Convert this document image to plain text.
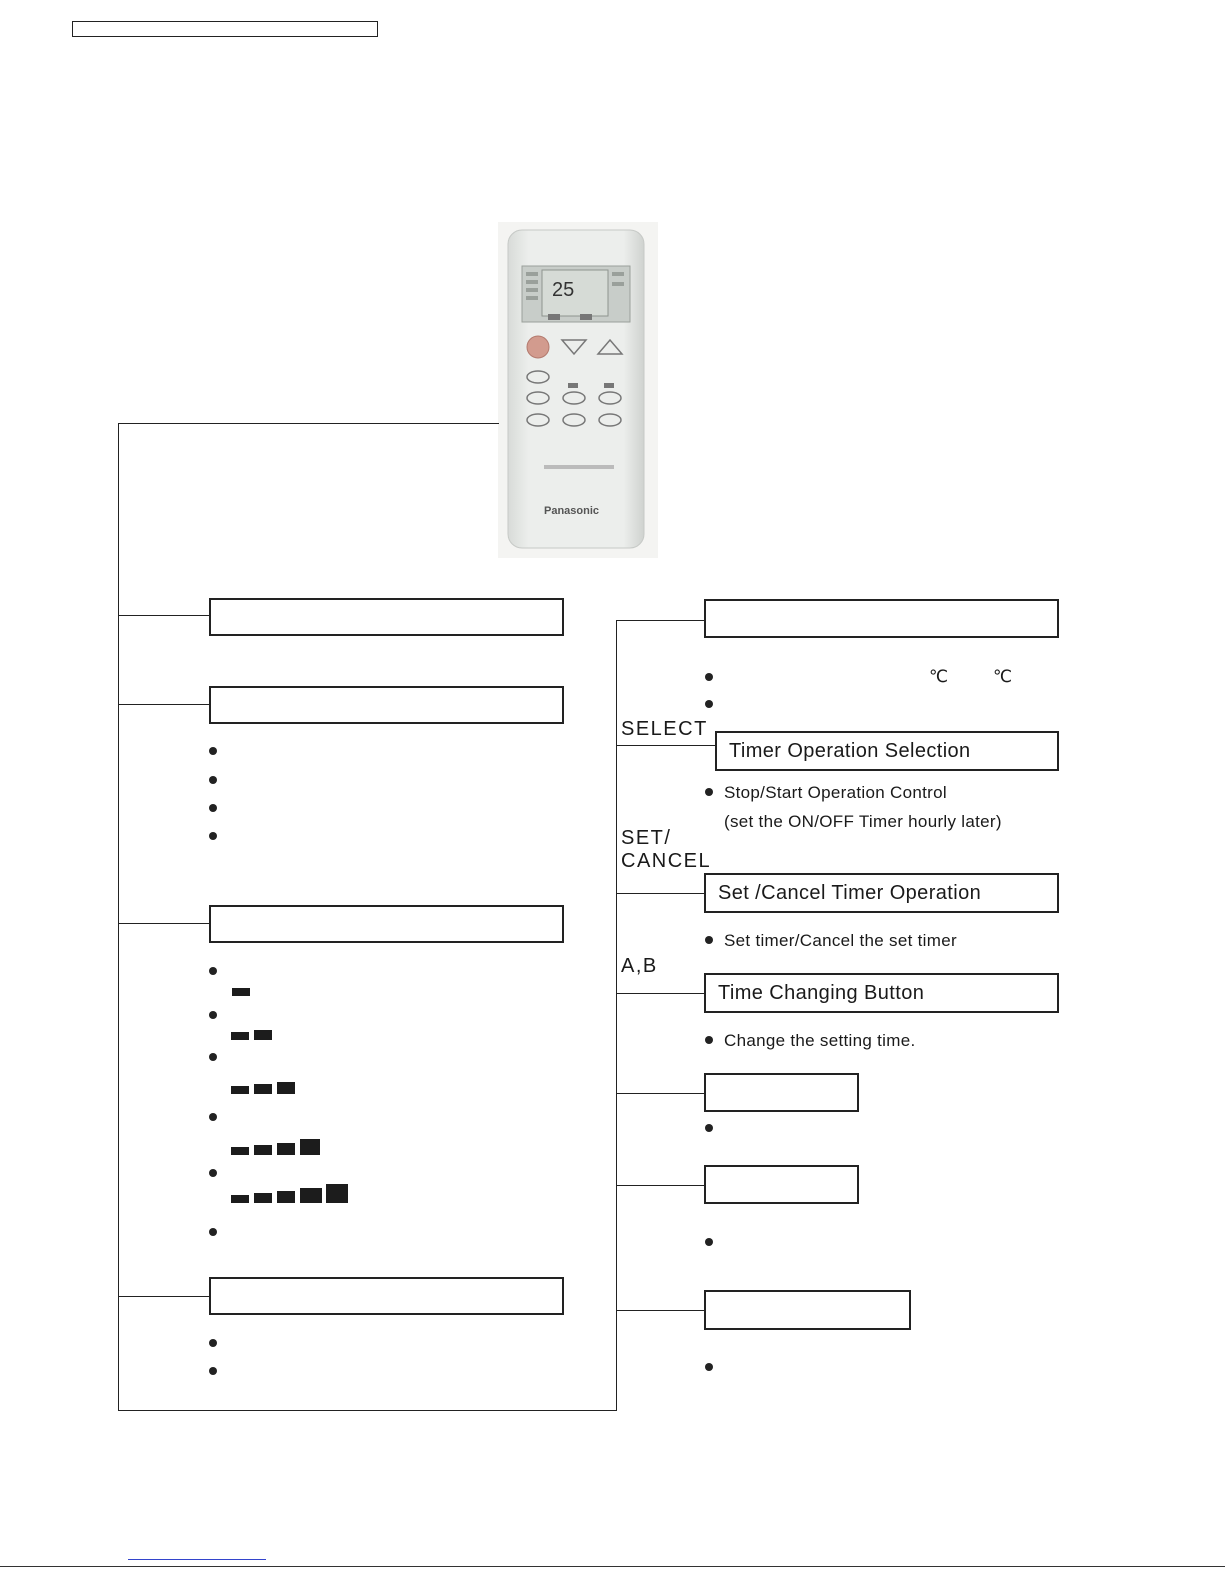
25
Panasonic
℃	℃
SELECT
Timer Operation Selection
Stop/Start Operation Control
(set the ON/OFF Timer hourly later)
SET/
CANCEL
Set /Cancel Timer Operation
Set timer/Cancel the set timer
A,B
Time Changing Button
Change the setting time.
